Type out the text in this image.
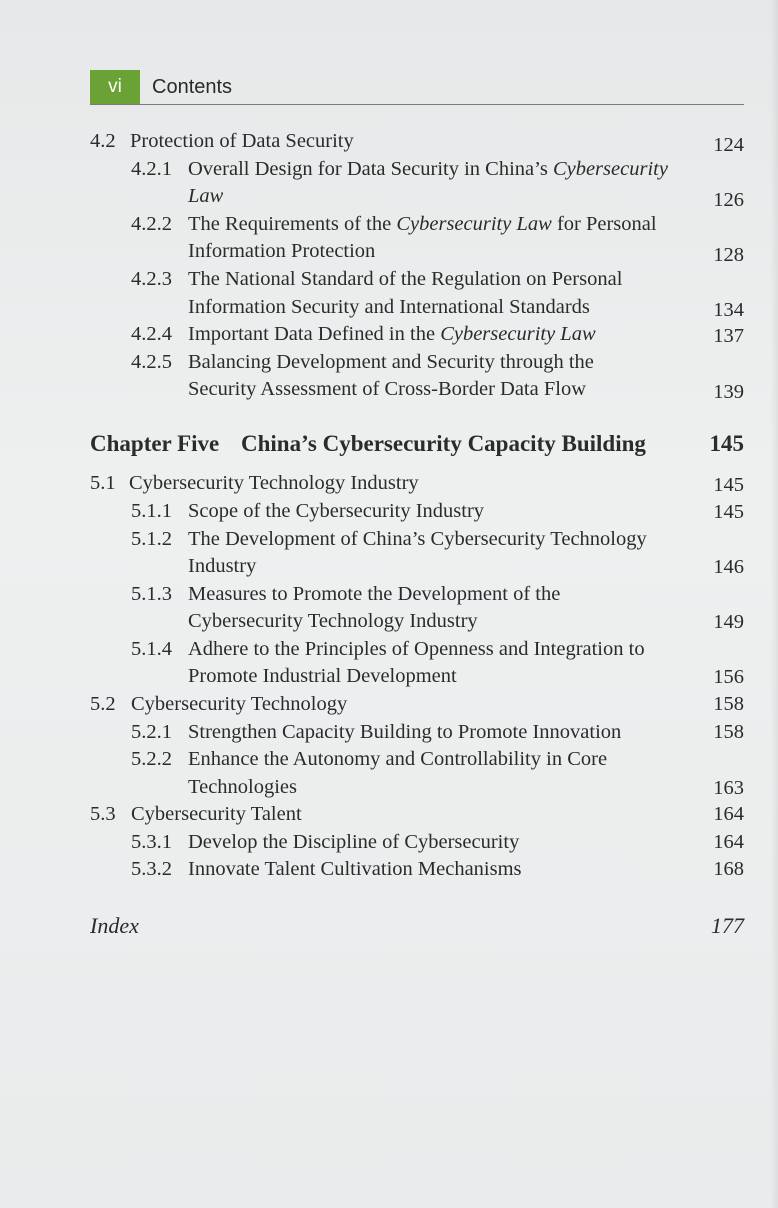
vi	Contents
4.2 Protection of Data Security	124
4.2.1 Overall Design for Data Security in China’s Cybersecurity
Law	126
4.2.2 The Requirements of the Cybersecurity Law for Personal
Information Protection	128
4.2.3 The National Standard of the Regulation on Personal
Information Security and International Standards	134
4.2.4 Important Data Defined in the Cybersecurity Law	137
4.2.5 Balancing Development and Security through the
Security Assessment of Cross-Border Data Flow	139
Chapter Five China’s Cybersecurity Capacity Building	145
5.1 Cybersecurity Technology Industry	145
5.1.1 Scope of the Cybersecurity Industry	145
5.1.2 The Development of China’s Cybersecurity Technology
Industry	146
5.1.3 Measures to Promote the Development of the
Cybersecurity Technology Industry	149
5.1.4 Adhere to the Principles of Openness and Integration to
Promote Industrial Development	156
5.2 Cybersecurity Technology	158
5.2.1 Strengthen Capacity Building to Promote Innovation	158
5.2.2 Enhance the Autonomy and Controllability in Core
Technologies	163
5.3 Cybersecurity Talent	164
5.3.1 Develop the Discipline of Cybersecurity	164
5.3.2 Innovate Talent Cultivation Mechanisms	168
Index	177
